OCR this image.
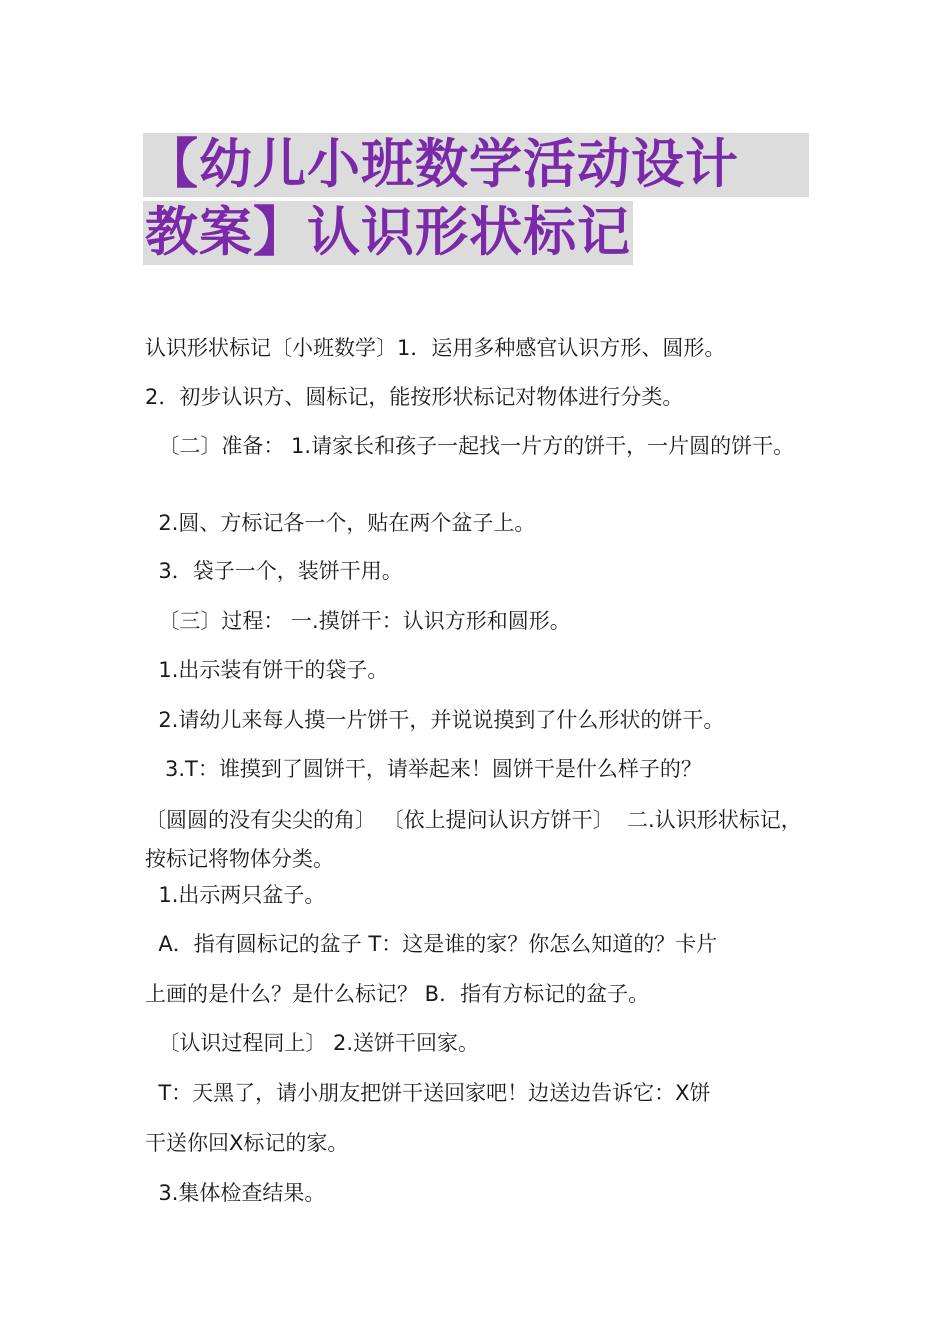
【幼儿小班数学活动设计
教案】认识形状标记
认识形状标记〔小班数学〕1．运用多种感官认识方形、圆形。
2．初步认识方、圆标记，能按形状标记对物体进行分类。
〔二〕准备： 1.请家长和孩子一起找一片方的饼干，一片圆的饼干。
2.圆、方标记各一个，贴在两个盆子上。
3．袋子一个，装饼干用。
〔三〕过程： 一.摸饼干：认识方形和圆形。
1.出示装有饼干的袋子。
2.请幼儿来每人摸一片饼干，并说说摸到了什么形状的饼干。
3.T：谁摸到了圆饼干，请举起来！圆饼干是什么样子的？
〔圆圆的没有尖尖的角〕 〔依上提问认识方饼干〕  二.认识形状标记，按标记将物体分类。
1.出示两只盆子。
A．指有圆标记的盆子 T：这是谁的家？你怎么知道的？卡片
上画的是什么？是什么标记？ B．指有方标记的盆子。
〔认识过程同上〕 2.送饼干回家。
T：天黑了，请小朋友把饼干送回家吧！边送边告诉它：X饼
干送你回X标记的家。
3.集体检查结果。
